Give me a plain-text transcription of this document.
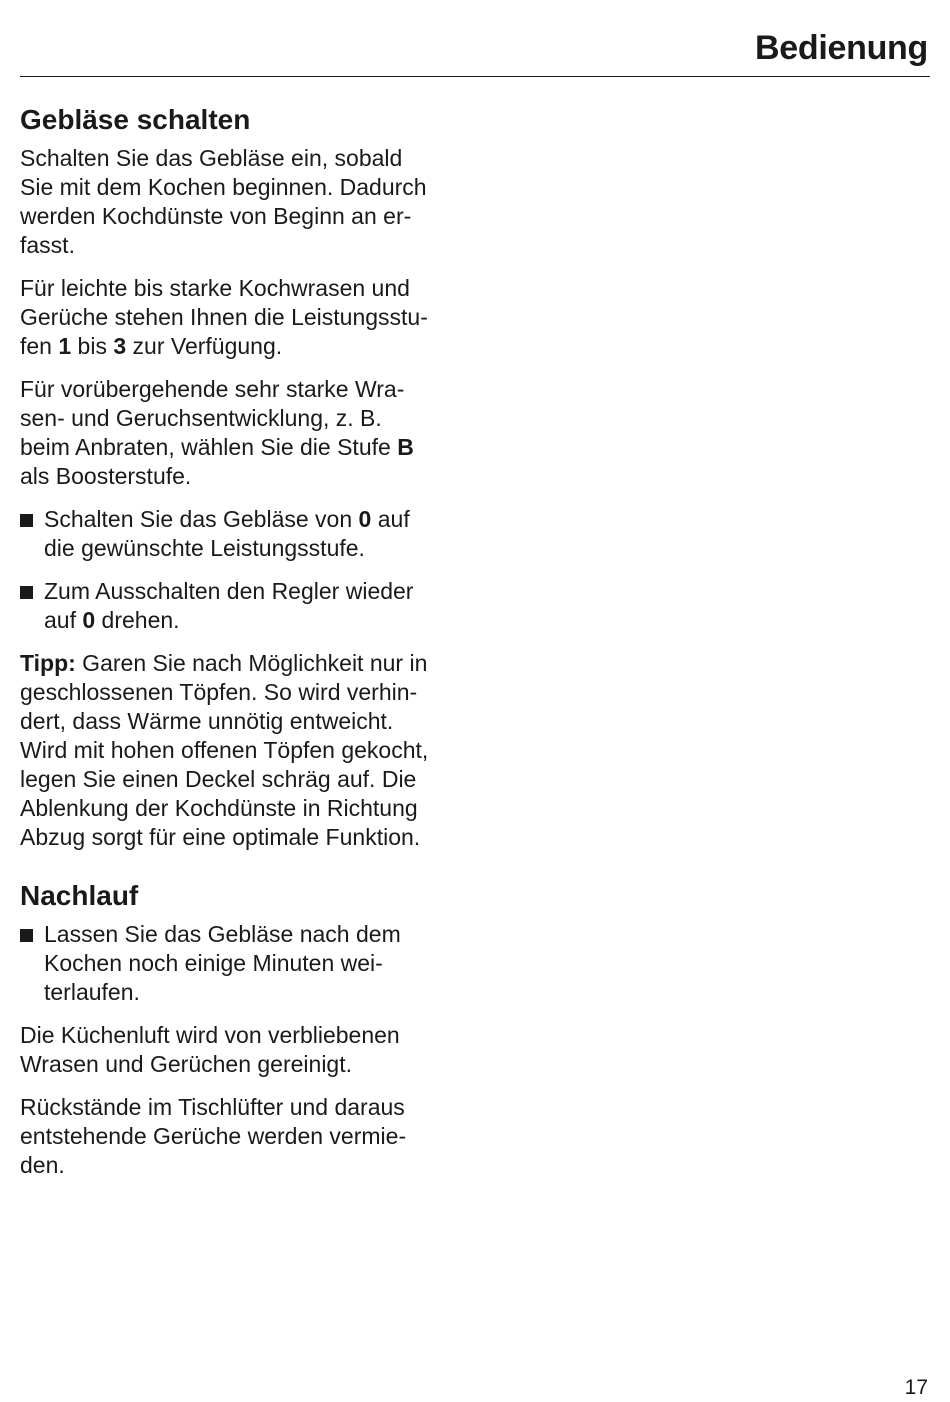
Bedienung
Gebläse schalten
Schalten Sie das Gebläse ein, sobald
Sie mit dem Kochen beginnen. Dadurch
werden Kochdünste von Beginn an er-
fasst.
Für leichte bis starke Kochwrasen und
Gerüche stehen Ihnen die Leistungsstu-
fen 1 bis 3 zur Verfügung.
Für vorübergehende sehr starke Wra-
sen- und Geruchsentwicklung, z. B.
beim Anbraten, wählen Sie die Stufe B
als Boosterstufe.
Schalten Sie das Gebläse von 0 auf
die gewünschte Leistungsstufe.
Zum Ausschalten den Regler wieder
auf 0 drehen.
Tipp: Garen Sie nach Möglichkeit nur in
geschlossenen Töpfen. So wird verhin-
dert, dass Wärme unnötig entweicht.
Wird mit hohen offenen Töpfen gekocht,
legen Sie einen Deckel schräg auf. Die
Ablenkung der Kochdünste in Richtung
Abzug sorgt für eine optimale Funktion.
Nachlauf
Lassen Sie das Gebläse nach dem
Kochen noch einige Minuten wei-
terlaufen.
Die Küchenluft wird von verbliebenen
Wrasen und Gerüchen gereinigt.
Rückstände im Tischlüfter und daraus
entstehende Gerüche werden vermie-
den.
17
